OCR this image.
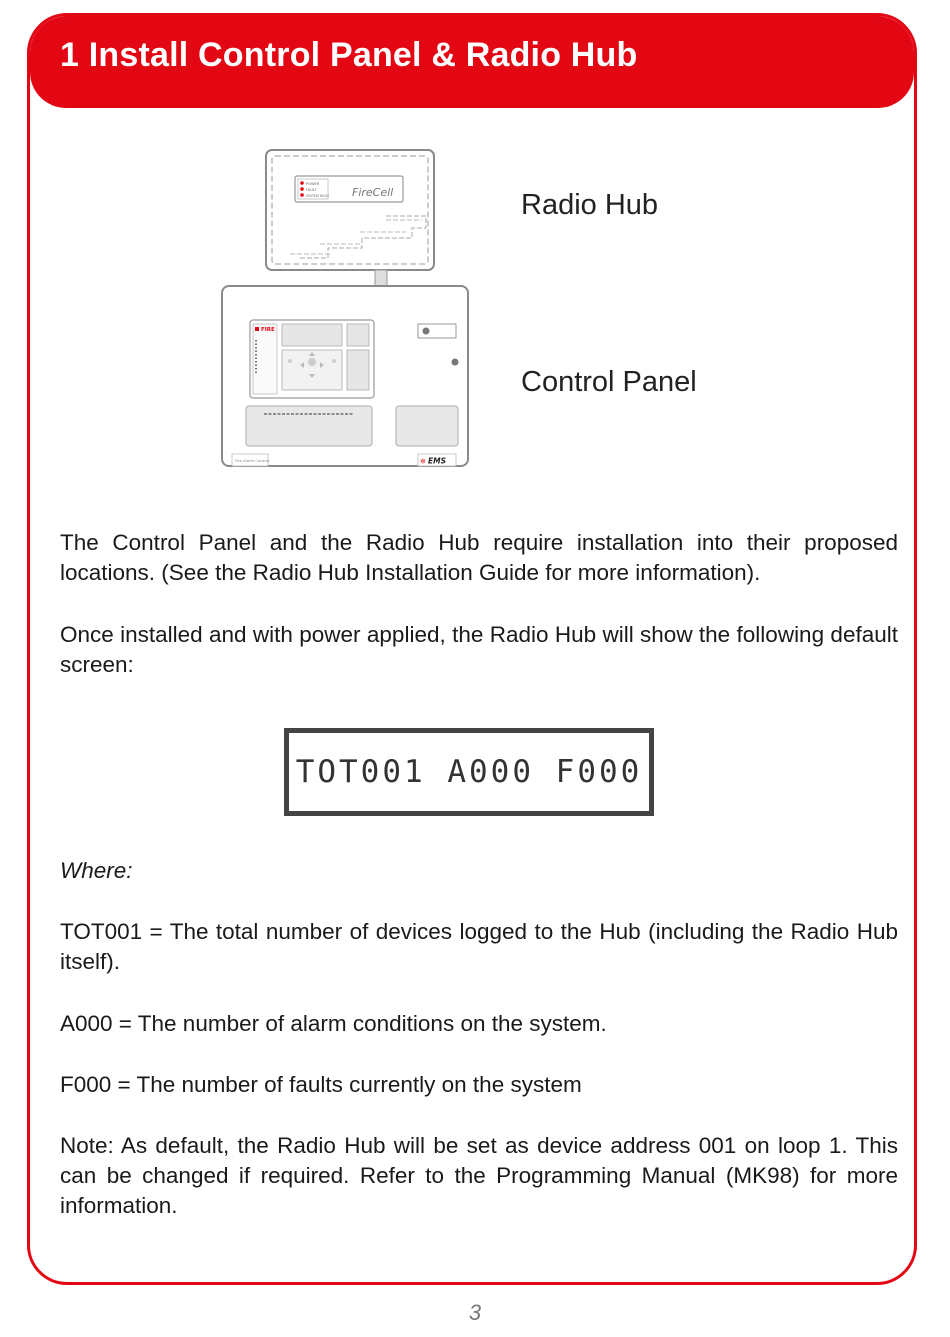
1 Install Control Panel & Radio Hub
POWER
FAULT
SYSTEM FAULT FireCell
FIRE
Fire Alarm Control	✲ EMS
Radio Hub
Control Panel
The Control Panel and the Radio Hub require installation into their proposed locations. (See the Radio Hub Installation Guide for more information).
Once installed and with power applied, the Radio Hub will show the following default screen:
TOT001 A000 F000
Where:
TOT001 = The total number of devices logged to the Hub (including the Radio Hub itself).
A000 = The number of alarm conditions on the system.
F000 = The number of faults currently on the system
Note: As default, the Radio Hub will be set as device address 001 on loop 1. This can be changed if required. Refer to the Programming Manual (MK98) for more information.
3
